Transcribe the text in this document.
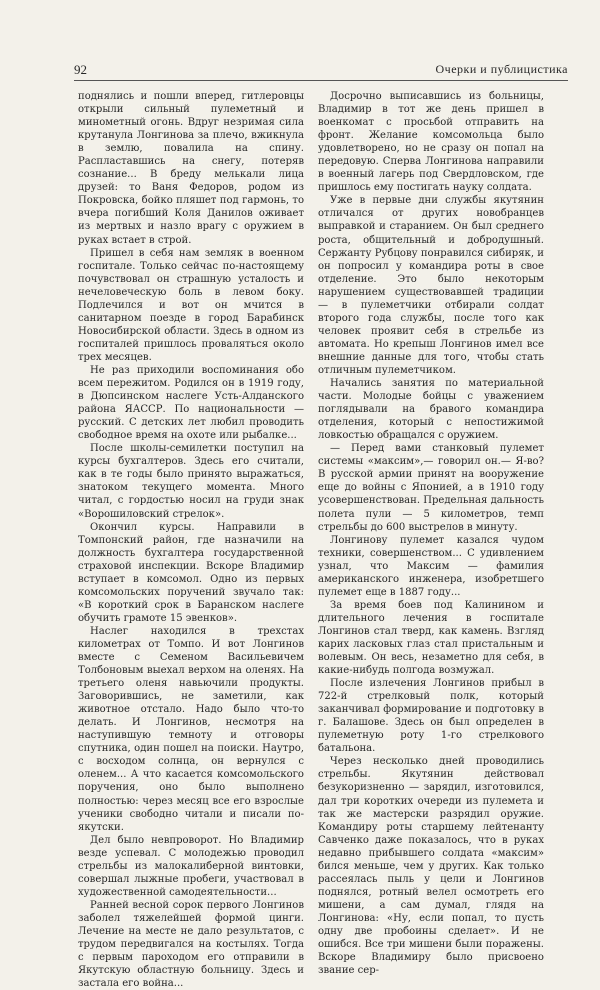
92	Очерки и публицистика

поднялись и пошли вперед, гитлеровцы открыли сильный пулеметный и минометный огонь. Вдруг незримая сила крутанула Лонгинова за плечо, вжикнула в землю, повалила на спину. Распластавшись на снегу, потеряв сознание... В бреду мелькали лица друзей: то Ваня Федоров, родом из Покровска, бойко пляшет под гармонь, то вчера погибший Коля Данилов оживает из мертвых и назло врагу с оружием в руках встает в строй.

Пришел в себя нам земляк в военном госпитале. Только сейчас по-настоящему почувствовал он страшную усталость и нечеловеческую боль в левом боку. Подлечился и вот он мчится в санитарном поезде в город Барабинск Новосибирской области. Здесь в одном из госпиталей пришлось проваляться около трех месяцев.

Не раз приходили воспоминания обо всем пережитом. Родился он в 1919 году, в Дюпсинском наслеге Усть-Алданского района ЯАССР. По национальности — русский. С детских лет любил проводить свободное время на охоте или рыбалке...

После школы-семилетки поступил на курсы бухгалтеров. Здесь его считали, как в те годы было принято выражаться, знатоком текущего момента. Много читал, с гордостью носил на груди знак «Ворошиловский стрелок».

Окончил курсы. Направили в Томпонский район, где назначили на должность бухгалтера государственной страховой инспекции. Вскоре Владимир вступает в комсомол. Одно из первых комсомольских поручений звучало так: «В короткий срок в Баранском наслеге обучить грамоте 15 эвенков».

Наслег находился в трехстах километрах от Томпо. И вот Лонгинов вместе с Семеном Васильевичем Толбоновым выехал верхом на оленях. На третьего оленя навьючили продукты. Заговорившись, не заметили, как животное отстало. Надо было что-то делать. И Лонгинов, несмотря на наступившую темноту и отговоры спутника, один пошел на поиски. Наутро, с восходом солнца, он вернулся с оленем... А что касается комсомольского поручения, оно было выполнено полностью: через месяц все его взрослые ученики свободно читали и писали по-якутски.

Дел было невпроворот. Но Владимир везде успевал. С молодежью проводил стрельбы из малокалиберной винтовки, совершал лыжные пробеги, участвовал в художественной самодеятельности...

Ранней весной сорок первого Лонгинов заболел тяжелейшей формой цинги. Лечение на месте не дало результатов, с трудом передвигался на костылях. Тогда с первым пароходом его отправили в Якутскую областную больницу. Здесь и застала его война...

Досрочно выписавшись из больницы, Владимир в тот же день пришел в военкомат с просьбой отправить на фронт. Желание комсомольца было удовлетворено, но не сразу он попал на передовую. Сперва Лонгинова направили в военный лагерь под Свердловском, где пришлось ему постигать науку солдата.

Уже в первые дни службы якутянин отличался от других новобранцев выправкой и старанием. Он был среднего роста, общительный и добродушный. Сержанту Рубцову понравился сибиряк, и он попросил у командира роты в свое отделение. Это было некоторым нарушением существовавшей традиции — в пулеметчики отбирали солдат второго года службы, после того как человек проявит себя в стрельбе из автомата. Но крепыш Лонгинов имел все внешние данные для того, чтобы стать отличным пулеметчиком.

Начались занятия по материальной части. Молодые бойцы с уважением поглядывали на бравого командира отделения, который с непостижимой ловкостью обращался с оружием.

— Перед вами станковый пулемет системы «максим»,— говорил он.— Я-во? В русской армии принят на вооружение еще до войны с Японией, а в 1910 году усовершенствован. Предельная дальность полета пули — 5 километров, темп стрельбы до 600 выстрелов в минуту.

Лонгинову пулемет казался чудом техники, совершенством... С удивлением узнал, что Максим — фамилия американского инженера, изобретшего пулемет еще в 1887 году...

За время боев под Калинином и длительного лечения в госпитале Лонгинов стал тверд, как камень. Взгляд карих ласковых глаз стал пристальным и волевым. Он весь, незаметно для себя, в какие-нибудь полгода возмужал.

После излечения Лонгинов прибыл в 722-й стрелковый полк, который заканчивал формирование и подготовку в г. Балашове. Здесь он был определен в пулеметную роту 1-го стрелкового батальона.

Через несколько дней проводились стрельбы. Якутянин действовал безукоризненно — зарядил, изготовился, дал три коротких очереди из пулемета и так же мастерски разрядил оружие. Командиру роты старшему лейтенанту Савченко даже показалось, что в руках недавно прибывшего солдата «максим» бился меньше, чем у других. Как только рассеялась пыль у цели и Лонгинов поднялся, ротный велел осмотреть его мишени, а сам думал, глядя на Лонгинова: «Ну, если попал, то пусть одну две пробоины сделает». И не ошибся. Все три мишени были поражены. Вскоре Владимиру было присвоено звание сер-
